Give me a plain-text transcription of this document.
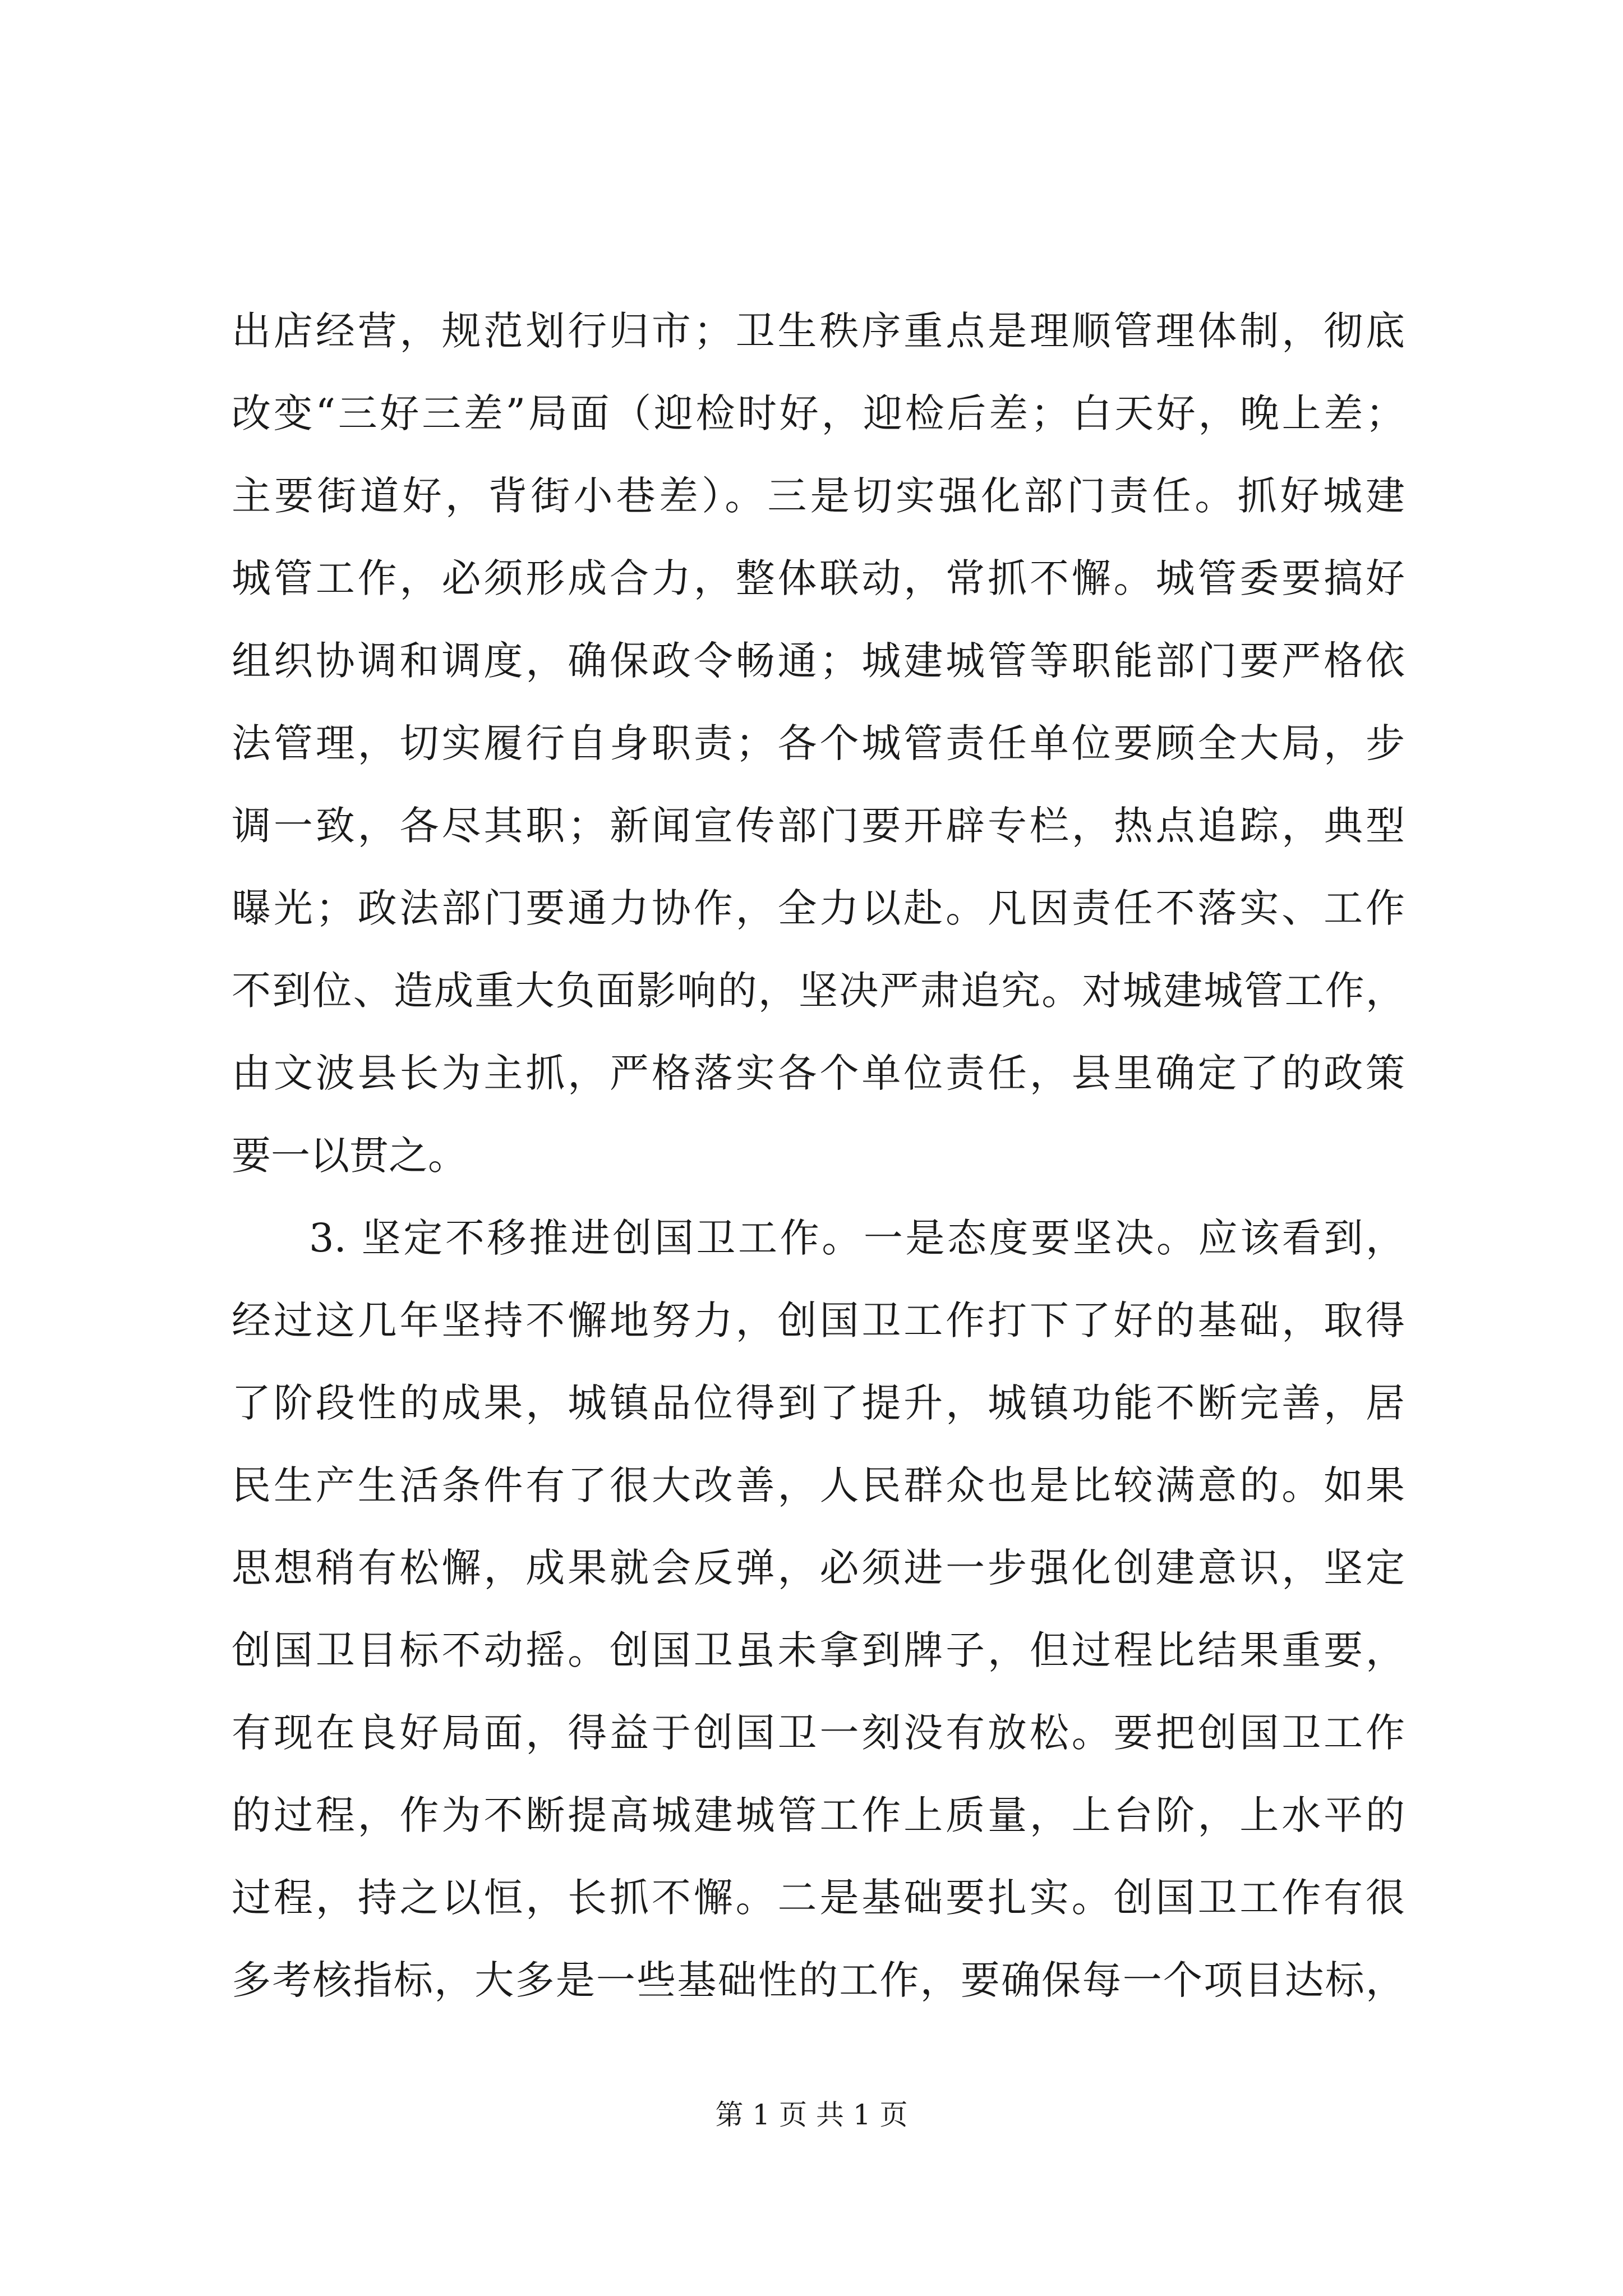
出店经营，规范划行归市；卫生秩序重点是理顺管理体制，彻底
改变“三好三差”局面（迎检时好，迎检后差；白天好，晚上差；
主要街道好，背街小巷差）。三是切实强化部门责任。抓好城建
城管工作，必须形成合力，整体联动，常抓不懈。城管委要搞好
组织协调和调度，确保政令畅通；城建城管等职能部门要严格依
法管理，切实履行自身职责；各个城管责任单位要顾全大局，步
调一致，各尽其职；新闻宣传部门要开辟专栏，热点追踪，典型
曝光；政法部门要通力协作，全力以赴。凡因责任不落实、工作
不到位、造成重大负面影响的，坚决严肃追究。对城建城管工作，
由文波县长为主抓，严格落实各个单位责任，县里确定了的政策
要一以贯之。
3. 坚定不移推进创国卫工作。一是态度要坚决。应该看到，
经过这几年坚持不懈地努力，创国卫工作打下了好的基础，取得
了阶段性的成果，城镇品位得到了提升，城镇功能不断完善，居
民生产生活条件有了很大改善，人民群众也是比较满意的。如果
思想稍有松懈，成果就会反弹，必须进一步强化创建意识，坚定
创国卫目标不动摇。创国卫虽未拿到牌子，但过程比结果重要，
有现在良好局面，得益于创国卫一刻没有放松。要把创国卫工作
的过程，作为不断提高城建城管工作上质量，上台阶，上水平的
过程，持之以恒，长抓不懈。二是基础要扎实。创国卫工作有很
多考核指标，大多是一些基础性的工作，要确保每一个项目达标，
第 1 页 共 1 页
